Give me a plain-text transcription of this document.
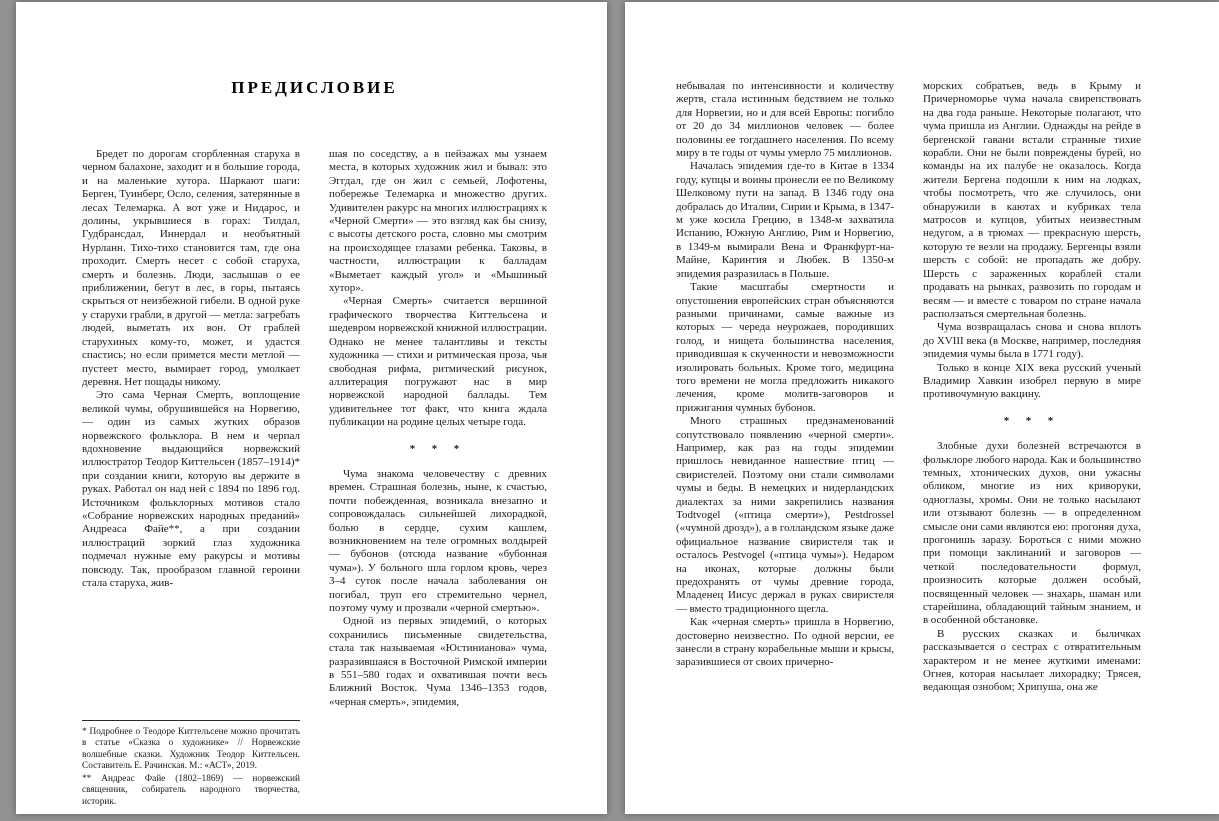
ПРЕДИСЛОВИЕ

Бредет по дорогам сгорбленная старуха в черном балахоне, заходит и в большие города, и на маленькие хутора. Шаркают шаги: Берген, Туинберг, Осло, селения, затерянные в лесах Телемарка. А вот уже и Нидарос, и долины, укрывшиеся в горах: Тилдал, Гудбрансдал, Иннердал и необъятный Нурланн. Тихо-тихо становится там, где она проходит. Смерть несет с собой старуха, смерть и болезнь. Люди, заслышав о ее приближении, бегут в лес, в горы, пытаясь скрыться от неизбежной гибели. В одной руке у старухи грабли, в другой — метла: загребать людей, выметать их вон. От граблей старухиных кому-то, может, и удастся спастись; но если примется мести метлой — пустеет место, вымирает город, умолкает деревня. Нет пощады никому.

Это сама Черная Смерть, воплощение великой чумы, обрушившейся на Норвегию, — один из самых жутких образов норвежского фольклора. В нем и черпал вдохновение выдающийся норвежский иллюстратор Теодор Киттельсен (1857–1914)* при создании книги, которую вы держите в руках. Работал он над ней с 1894 по 1896 год. Источником фольклорных мотивов стало «Собрание норвежских народных преданий» Андреаса Файе**, а при создании иллюстраций зоркий глаз художника подмечал нужные ему ракурсы и мотивы повсюду. Так, прообразом главной героини стала старуха, жив-

* Подробнее о Теодоре Киттельсене можно прочитать в статье «Сказка о художнике» // Норвежские волшебные сказки. Художник Теодор Киттельсен. Составитель Е. Рачинская. М.: «АСТ», 2019.

** Андреас Файе (1802–1869) — норвежский священник, собиратель народного творчества, историк.

шая по соседству, а в пейзажах мы узнаем места, в которых художник жил и бывал: это Эггдал, где он жил с семьей, Лофотены, побережье Телемарка и множество других. Удивителен ракурс на многих иллюстрациях к «Черной Смерти» — это взгляд как бы снизу, с высоты детского роста, словно мы смотрим на происходящее глазами ребенка. Таковы, в частности, иллюстрации к балладам «Выметает каждый угол» и «Мышиный хутор».

«Черная Смерть» считается вершиной графического творчества Киттельсена и шедевром норвежской книжной иллюстрации. Однако не менее талантливы и тексты художника — стихи и ритмическая проза, чья свободная рифма, ритмический рисунок, аллитерация погружают нас в мир норвежской народной баллады. Тем удивительнее тот факт, что книга ждала публикации на родине целых четыре года.

* * *

Чума знакома человечеству с древних времен. Страшная болезнь, ныне, к счастью, почти побежденная, возникала внезапно и сопровождалась сильнейшей лихорадкой, болью в сердце, сухим кашлем, возникновением на теле огромных волдырей — бубонов (отсюда название «бубонная чума»). У больного шла горлом кровь, через 3–4 суток после начала заболевания он погибал, труп его стремительно чернел, поэтому чуму и прозвали «черной смертью».

Одной из первых эпидемий, о которых сохранились письменные свидетельства, стала так называемая «Юстинианова» чума, разразившаяся в Восточной Римской империи в 551–580 годах и охватившая почти весь Ближний Восток. Чума 1346–1353 годов, «черная смерть», эпидемия,

небывалая по интенсивности и количеству жертв, стала истинным бедствием не только для Норвегии, но и для всей Европы: погибло от 20 до 34 миллионов человек — более половины ее тогдашнего населения. По всему миру в те годы от чумы умерло 75 миллионов.

Началась эпидемия где-то в Китае в 1334 году, купцы и воины пронесли ее по Великому Шелковому пути на запад. В 1346 году она добралась до Италии, Сирии и Крыма, в 1347-м уже косила Грецию, в 1348-м захватила Испанию, Южную Англию, Рим и Норвегию, в 1349-м вымирали Вена и Франкфурт-на-Майне, Каринтия и Любек. В 1350-м эпидемия разразилась в Польше.

Такие масштабы смертности и опустошения европейских стран объясняются разными причинами, самые важные из которых — череда неурожаев, породивших голод, и нищета большинства населения, приводившая к скученности и невозможности изолировать больных. Кроме того, медицина того времени не могла предложить никакого лечения, кроме молитв-заговоров и прижигания чумных бубонов.

Много страшных предзнаменований сопутствовало появлению «черной смерти». Например, как раз на годы эпидемии пришлось невиданное нашествие птиц — свиристелей. Поэтому они стали символами чумы и беды. В немецких и нидерландских диалектах за ними закрепились названия Todtvogel («птица смерти»), Pestdrossel («чумной дрозд»), а в голландском языке даже официальное название свиристеля так и осталось Pestvogel («птица чумы»). Недаром на иконах, которые должны были предохранять от чумы древние города, Младенец Иисус держал в руках свиристеля — вместо традиционного щегла.

Как «черная смерть» пришла в Норвегию, достоверно неизвестно. По одной версии, ее занесли в страну корабельные мыши и крысы, заразившиеся от своих причерно-

морских собратьев, ведь в Крыму и Причерноморье чума начала свирепствовать на два года раньше. Некоторые полагают, что чума пришла из Англии. Однажды на рейде в бергенской гавани встали странные тихие корабли. Они не были повреждены бурей, но команды на их палубе не оказалось. Когда жители Бергена подошли к ним на лодках, чтобы посмотреть, что же случилось, они обнаружили в каютах и кубриках тела матросов и купцов, убитых неизвестным недугом, а в трюмах — прекрасную шерсть, которую те везли на продажу. Бергенцы взяли шерсть с собой: не пропадать же добру. Шерсть с зараженных кораблей стали продавать на рынках, развозить по городам и весям — и вместе с товаром по стране начала расползаться смертельная болезнь.

Чума возвращалась снова и снова вплоть до XVIII века (в Москве, например, последняя эпидемия чумы была в 1771 году).

Только в конце XIX века русский ученый Владимир Хавкин изобрел первую в мире противочумную вакцину.

* * *

Злобные духи болезней встречаются в фольклоре любого народа. Как и большинство темных, хтонических духов, они ужасны обликом, многие из них криворуки, одноглазы, хромы. Они не только насылают или отзывают болезнь — в определенном смысле они сами являются ею: прогоняя духа, прогонишь заразу. Бороться с ними можно при помощи заклинаний и заговоров — четкой последовательности формул, произносить которые должен особый, посвященный человек — знахарь, шаман или старейшина, обладающий тайным знанием, и в особенной обстановке.

В русских сказках и быличках рассказывается о сестрах с отвратительным характером и не менее жуткими именами: Огнея, которая насылает лихорадку; Трясея, ведающая ознобом; Хрипуша, она же
